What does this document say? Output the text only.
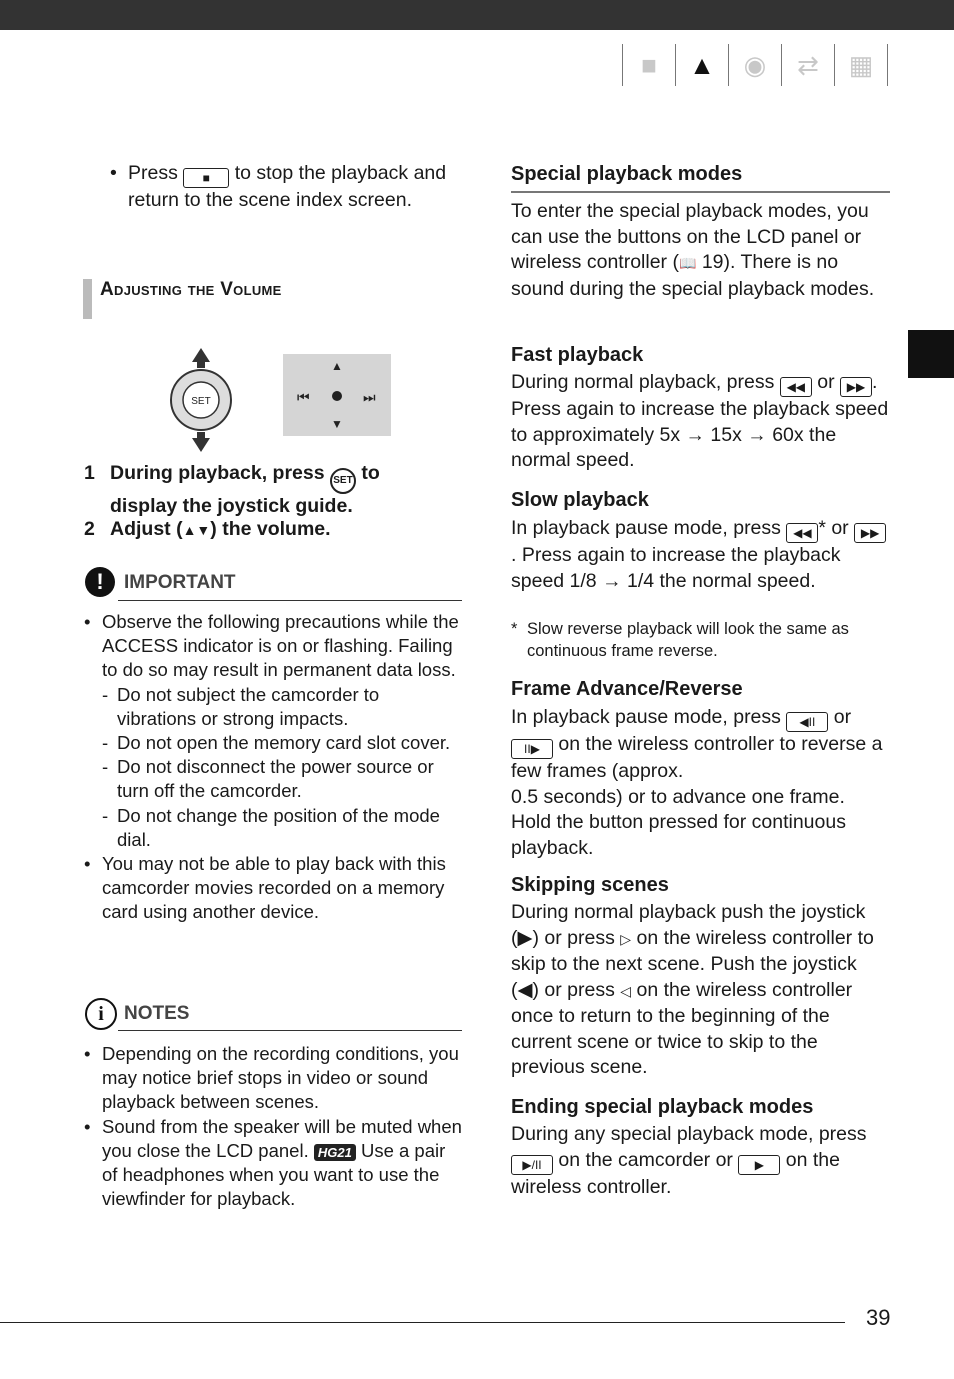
■	▲	◉	⇄	▦
• Press ■ to stop the playback and return to the scene index screen.
Adjusting the Volume
SET
▲
▼
⏮	⏭
1 During playback, press SET to display the joystick guide.
2 Adjust (▲▼) the volume.
!	IMPORTANT
• Observe the following precautions while the ACCESS indicator is on or flashing. Failing to do so may result in permanent data loss.
- Do not subject the camcorder to vibrations or strong impacts.
- Do not open the memory card slot cover.
- Do not disconnect the power source or turn off the camcorder.
- Do not change the position of the mode dial.
• You may not be able to play back with this camcorder movies recorded on a memory card using another device.
i	NOTES
• Depending on the recording conditions, you may notice brief stops in video or sound playback between scenes.
• Sound from the speaker will be muted when you close the LCD panel. HG21 Use a pair of headphones when you want to use the viewfinder for playback.
Special playback modes
To enter the special playback modes, you can use the buttons on the LCD panel or wireless controller (📖 19). There is no sound during the special playback modes.
Fast playback
During normal playback, press ◀◀ or ▶▶ . Press again to increase the playback speed to approximately 5x → 15x → 60x the normal speed.
Slow playback
In playback pause mode, press ◀◀ * or ▶▶. Press again to increase the playback speed 1/8 → 1/4 the normal speed.
* Slow reverse playback will look the same as continuous frame reverse.
Frame Advance/Reverse
In playback pause mode, press ◀II or II▶ on the wireless controller to reverse a few frames (approx.
0.5 seconds) or to advance one frame. Hold the button pressed for continuous playback.
Skipping scenes
During normal playback push the joystick (▶) or press ▷ on the wireless controller to skip to the next scene. Push the joystick (◀) or press ◁ on the wireless controller once to return to the beginning of the current scene or twice to skip to the previous scene.
Ending special playback modes
During any special playback mode, press ▶/II on the camcorder or ▶ on the wireless controller.
39
